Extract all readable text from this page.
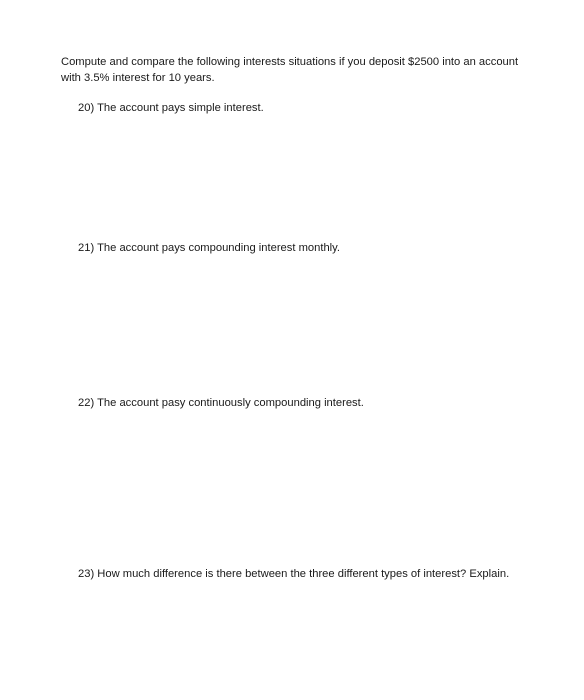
Compute and compare the following interests situations if you deposit $2500 into an account
with 3.5% interest for 10 years.

20) The account pays simple interest.

21) The account pays compounding interest monthly.

22) The account pasy continuously compounding interest.

23) How much difference is there between the three different types of interest? Explain.
